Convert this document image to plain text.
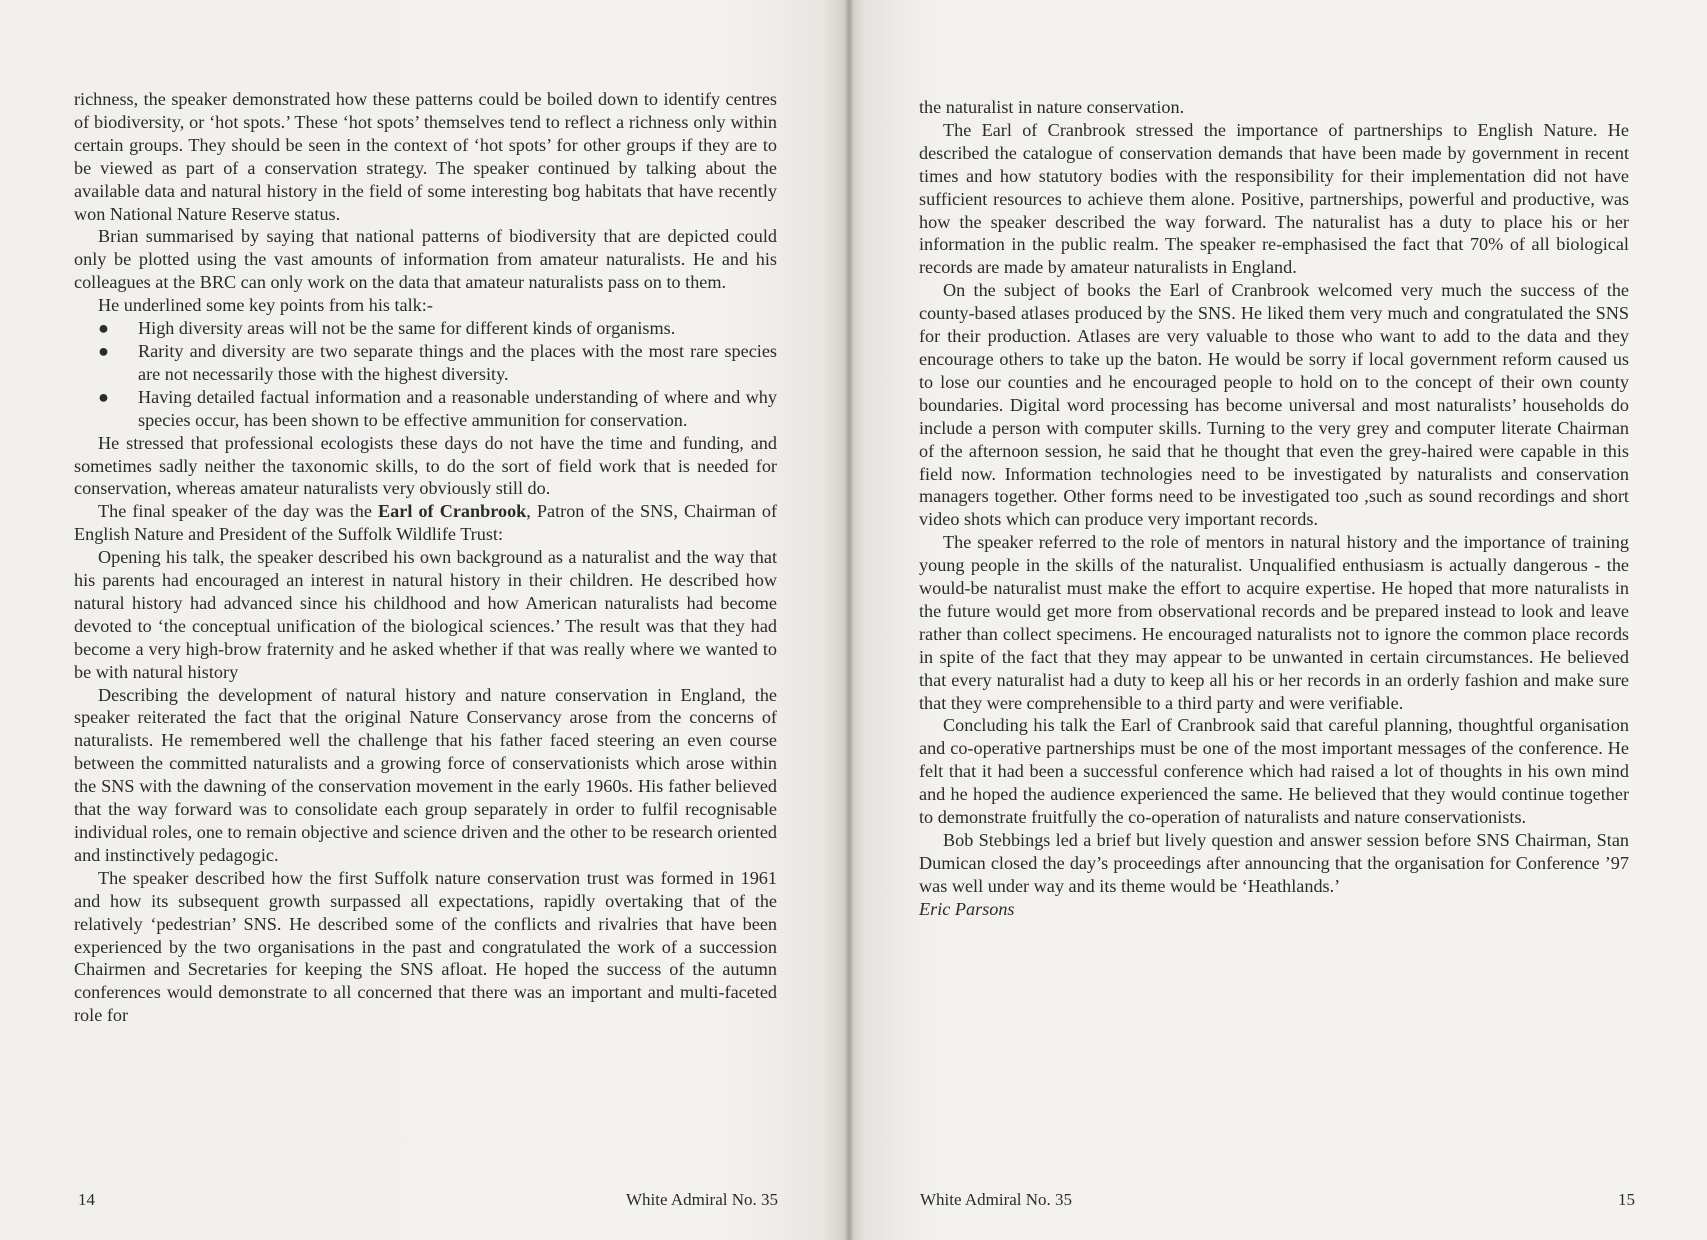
richness, the speaker demonstrated how these patterns could be boiled down to identify centres of biodiversity, or ‘hot spots.’ These ‘hot spots’ themselves tend to reflect a richness only within certain groups. They should be seen in the context of ‘hot spots’ for other groups if they are to be viewed as part of a conservation strategy. The speaker continued by talking about the available data and natural history in the field of some interesting bog habitats that have recently won National Nature Reserve status.

Brian summarised by saying that national patterns of biodiversity that are depicted could only be plotted using the vast amounts of information from amateur naturalists. He and his colleagues at the BRC can only work on the data that amateur naturalists pass on to them.

He underlined some key points from his talk:-

● High diversity areas will not be the same for different kinds of organisms.
● Rarity and diversity are two separate things and the places with the most rare species are not necessarily those with the highest diversity.
● Having detailed factual information and a reasonable understanding of where and why species occur, has been shown to be effective ammunition for conservation.

He stressed that professional ecologists these days do not have the time and funding, and sometimes sadly neither the taxonomic skills, to do the sort of field work that is needed for conservation, whereas amateur naturalists very obviously still do.

The final speaker of the day was the Earl of Cranbrook, Patron of the SNS, Chairman of English Nature and President of the Suffolk Wildlife Trust:

Opening his talk, the speaker described his own background as a naturalist and the way that his parents had encouraged an interest in natural history in their children. He described how natural history had advanced since his childhood and how American naturalists had become devoted to ‘the conceptual unification of the biological sciences.’ The result was that they had become a very high-brow fraternity and he asked whether if that was really where we wanted to be with natural history

Describing the development of natural history and nature conservation in England, the speaker reiterated the fact that the original Nature Conservancy arose from the concerns of naturalists. He remembered well the challenge that his father faced steering an even course between the committed naturalists and a growing force of conservationists which arose within the SNS with the dawning of the conservation movement in the early 1960s. His father believed that the way forward was to consolidate each group separately in order to fulfil recognisable individual roles, one to remain objective and science driven and the other to be research oriented and instinctively pedagogic.

The speaker described how the first Suffolk nature conservation trust was formed in 1961 and how its subsequent growth surpassed all expectations, rapidly overtaking that of the relatively ‘pedestrian’ SNS. He described some of the conflicts and rivalries that have been experienced by the two organisations in the past and congratulated the work of a succession Chairmen and Secretaries for keeping the SNS afloat. He hoped the success of the autumn conferences would demonstrate to all concerned that there was an important and multi-faceted role for

14	White Admiral No. 35

the naturalist in nature conservation.

The Earl of Cranbrook stressed the importance of partnerships to English Nature. He described the catalogue of conservation demands that have been made by government in recent times and how statutory bodies with the responsibility for their implementation did not have sufficient resources to achieve them alone. Positive, partnerships, powerful and productive, was how the speaker described the way forward. The naturalist has a duty to place his or her information in the public realm. The speaker re-emphasised the fact that 70% of all biological records are made by amateur naturalists in England.

On the subject of books the Earl of Cranbrook welcomed very much the success of the county-based atlases produced by the SNS. He liked them very much and congratulated the SNS for their production. Atlases are very valuable to those who want to add to the data and they encourage others to take up the baton. He would be sorry if local government reform caused us to lose our counties and he encouraged people to hold on to the concept of their own county boundaries. Digital word processing has become universal and most naturalists’ households do include a person with computer skills. Turning to the very grey and computer literate Chairman of the afternoon session, he said that he thought that even the grey-haired were capable in this field now. Information technologies need to be investigated by naturalists and conservation managers together. Other forms need to be investigated too ,such as sound recordings and short video shots which can produce very important records.

The speaker referred to the role of mentors in natural history and the importance of training young people in the skills of the naturalist. Unqualified enthusiasm is actually dangerous - the would-be naturalist must make the effort to acquire expertise. He hoped that more naturalists in the future would get more from observational records and be prepared instead to look and leave rather than collect specimens. He encouraged naturalists not to ignore the common place records in spite of the fact that they may appear to be unwanted in certain circumstances. He believed that every naturalist had a duty to keep all his or her records in an orderly fashion and make sure that they were comprehensible to a third party and were verifiable.

Concluding his talk the Earl of Cranbrook said that careful planning, thoughtful organisation and co-operative partnerships must be one of the most important messages of the conference. He felt that it had been a successful conference which had raised a lot of thoughts in his own mind and he hoped the audience experienced the same. He believed that they would continue together to demonstrate fruitfully the co-operation of naturalists and nature conservationists.

Bob Stebbings led a brief but lively question and answer session before SNS Chairman, Stan Dumican closed the day’s proceedings after announcing that the organisation for Conference ’97 was well under way and its theme would be ‘Heathlands.’

Eric Parsons

White Admiral No. 35	15
